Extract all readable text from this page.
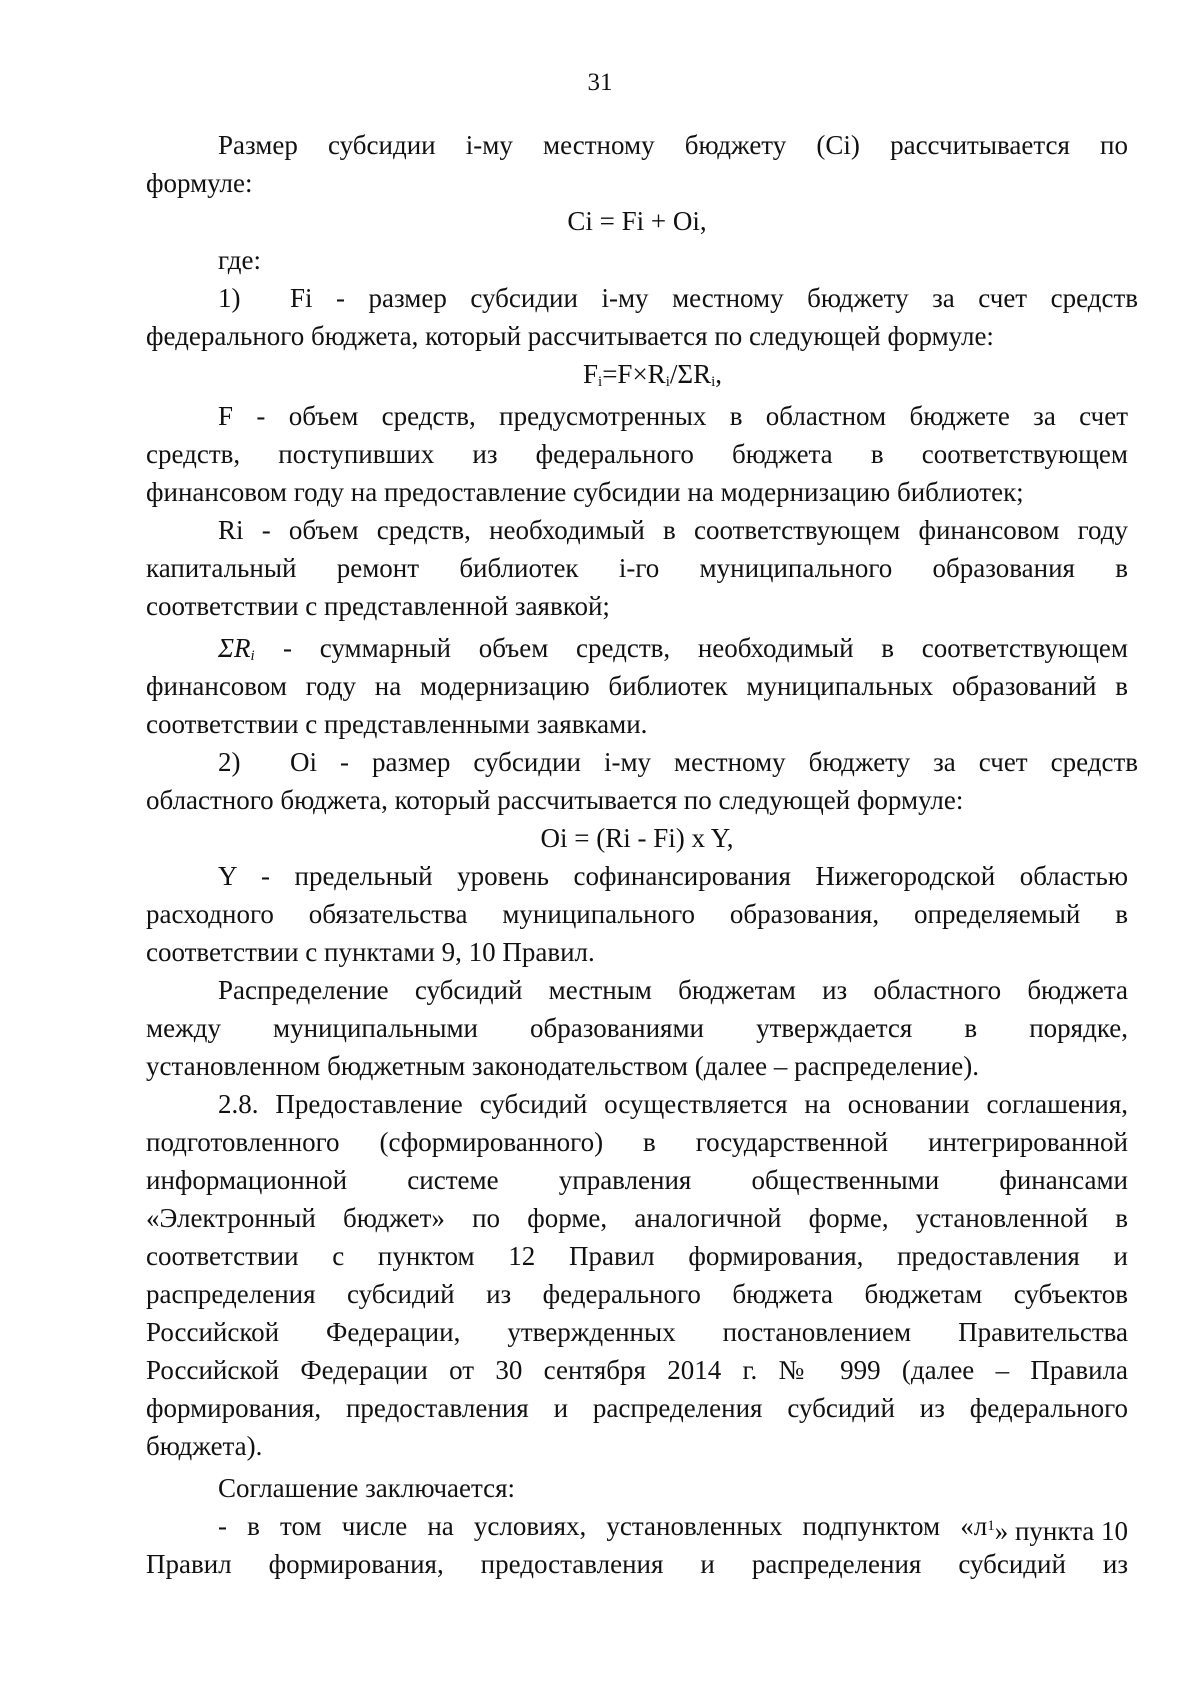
31
Размер субсидии i-му местному бюджету (Ci) рассчитывается по
формуле:
Ci = Fi + Oi,
где:
1) Fi - размер субсидии i-му местному бюджету за счет средств
федерального бюджета, который рассчитывается по следующей формуле:
$F_i=F\times R_i/\Sigma R_i$,
F - объем средств, предусмотренных в областном бюджете за счет
средств, поступивших из федерального бюджета в соответствующем
финансовом году на предоставление субсидии на модернизацию библиотек;
Ri - объем средств, необходимый в соответствующем финансовом году
капитальный ремонт библиотек i-го муниципального образования в
соответствии с представленной заявкой;
$\Sigma R_i$ - суммарный объем средств, необходимый в соответствующем
финансовом году на модернизацию библиотек муниципальных образований в
соответствии с представленными заявками.
2) Oi - размер субсидии i-му местному бюджету за счет средств
областного бюджета, который рассчитывается по следующей формуле:
Oi = (Ri - Fi) x Y,
Y - предельный уровень софинансирования Нижегородской областью
расходного обязательства муниципального образования, определяемый в
соответствии с пунктами 9, 10 Правил.
Распределение субсидий местным бюджетам из областного бюджета
между муниципальными образованиями утверждается в порядке,
установленном бюджетным законодательством (далее – распределение).
2.8. Предоставление субсидий осуществляется на основании соглашения,
подготовленного (сформированного) в государственной интегрированной
информационной системе управления общественными финансами
«Электронный бюджет» по форме, аналогичной форме, установленной в
соответствии с пунктом 12 Правил формирования, предоставления и
распределения субсидий из федерального бюджета бюджетам субъектов
Российской Федерации, утвержденных постановлением Правительства
Российской Федерации от 30 сентября 2014 г. № 999 (далее – Правила
формирования, предоставления и распределения субсидий из федерального
бюджета).
Соглашение заключается:
- в том числе на условиях, установленных подпунктом «л $^1$» пункта 10
Правил формирования, предоставления и распределения субсидий из
